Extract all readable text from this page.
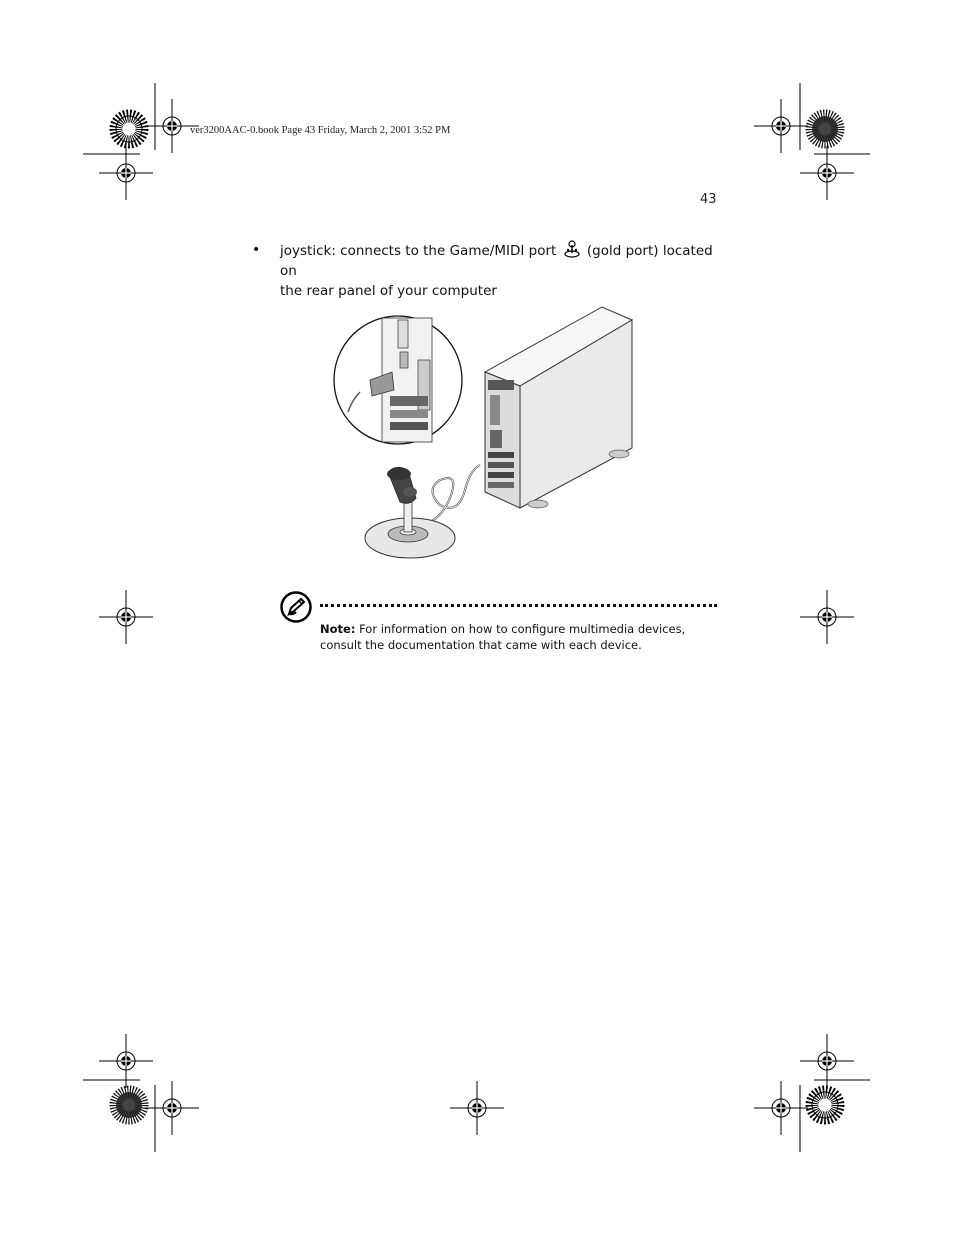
ver3200AAC-0.book Page 43 Friday, March 2, 2001 3:52 PM
43
• joystick: connects to the Game/MIDI port (gold port) located on
the rear panel of your computer
Note: For information on how to configure multimedia devices,
consult the documentation that came with each device.
